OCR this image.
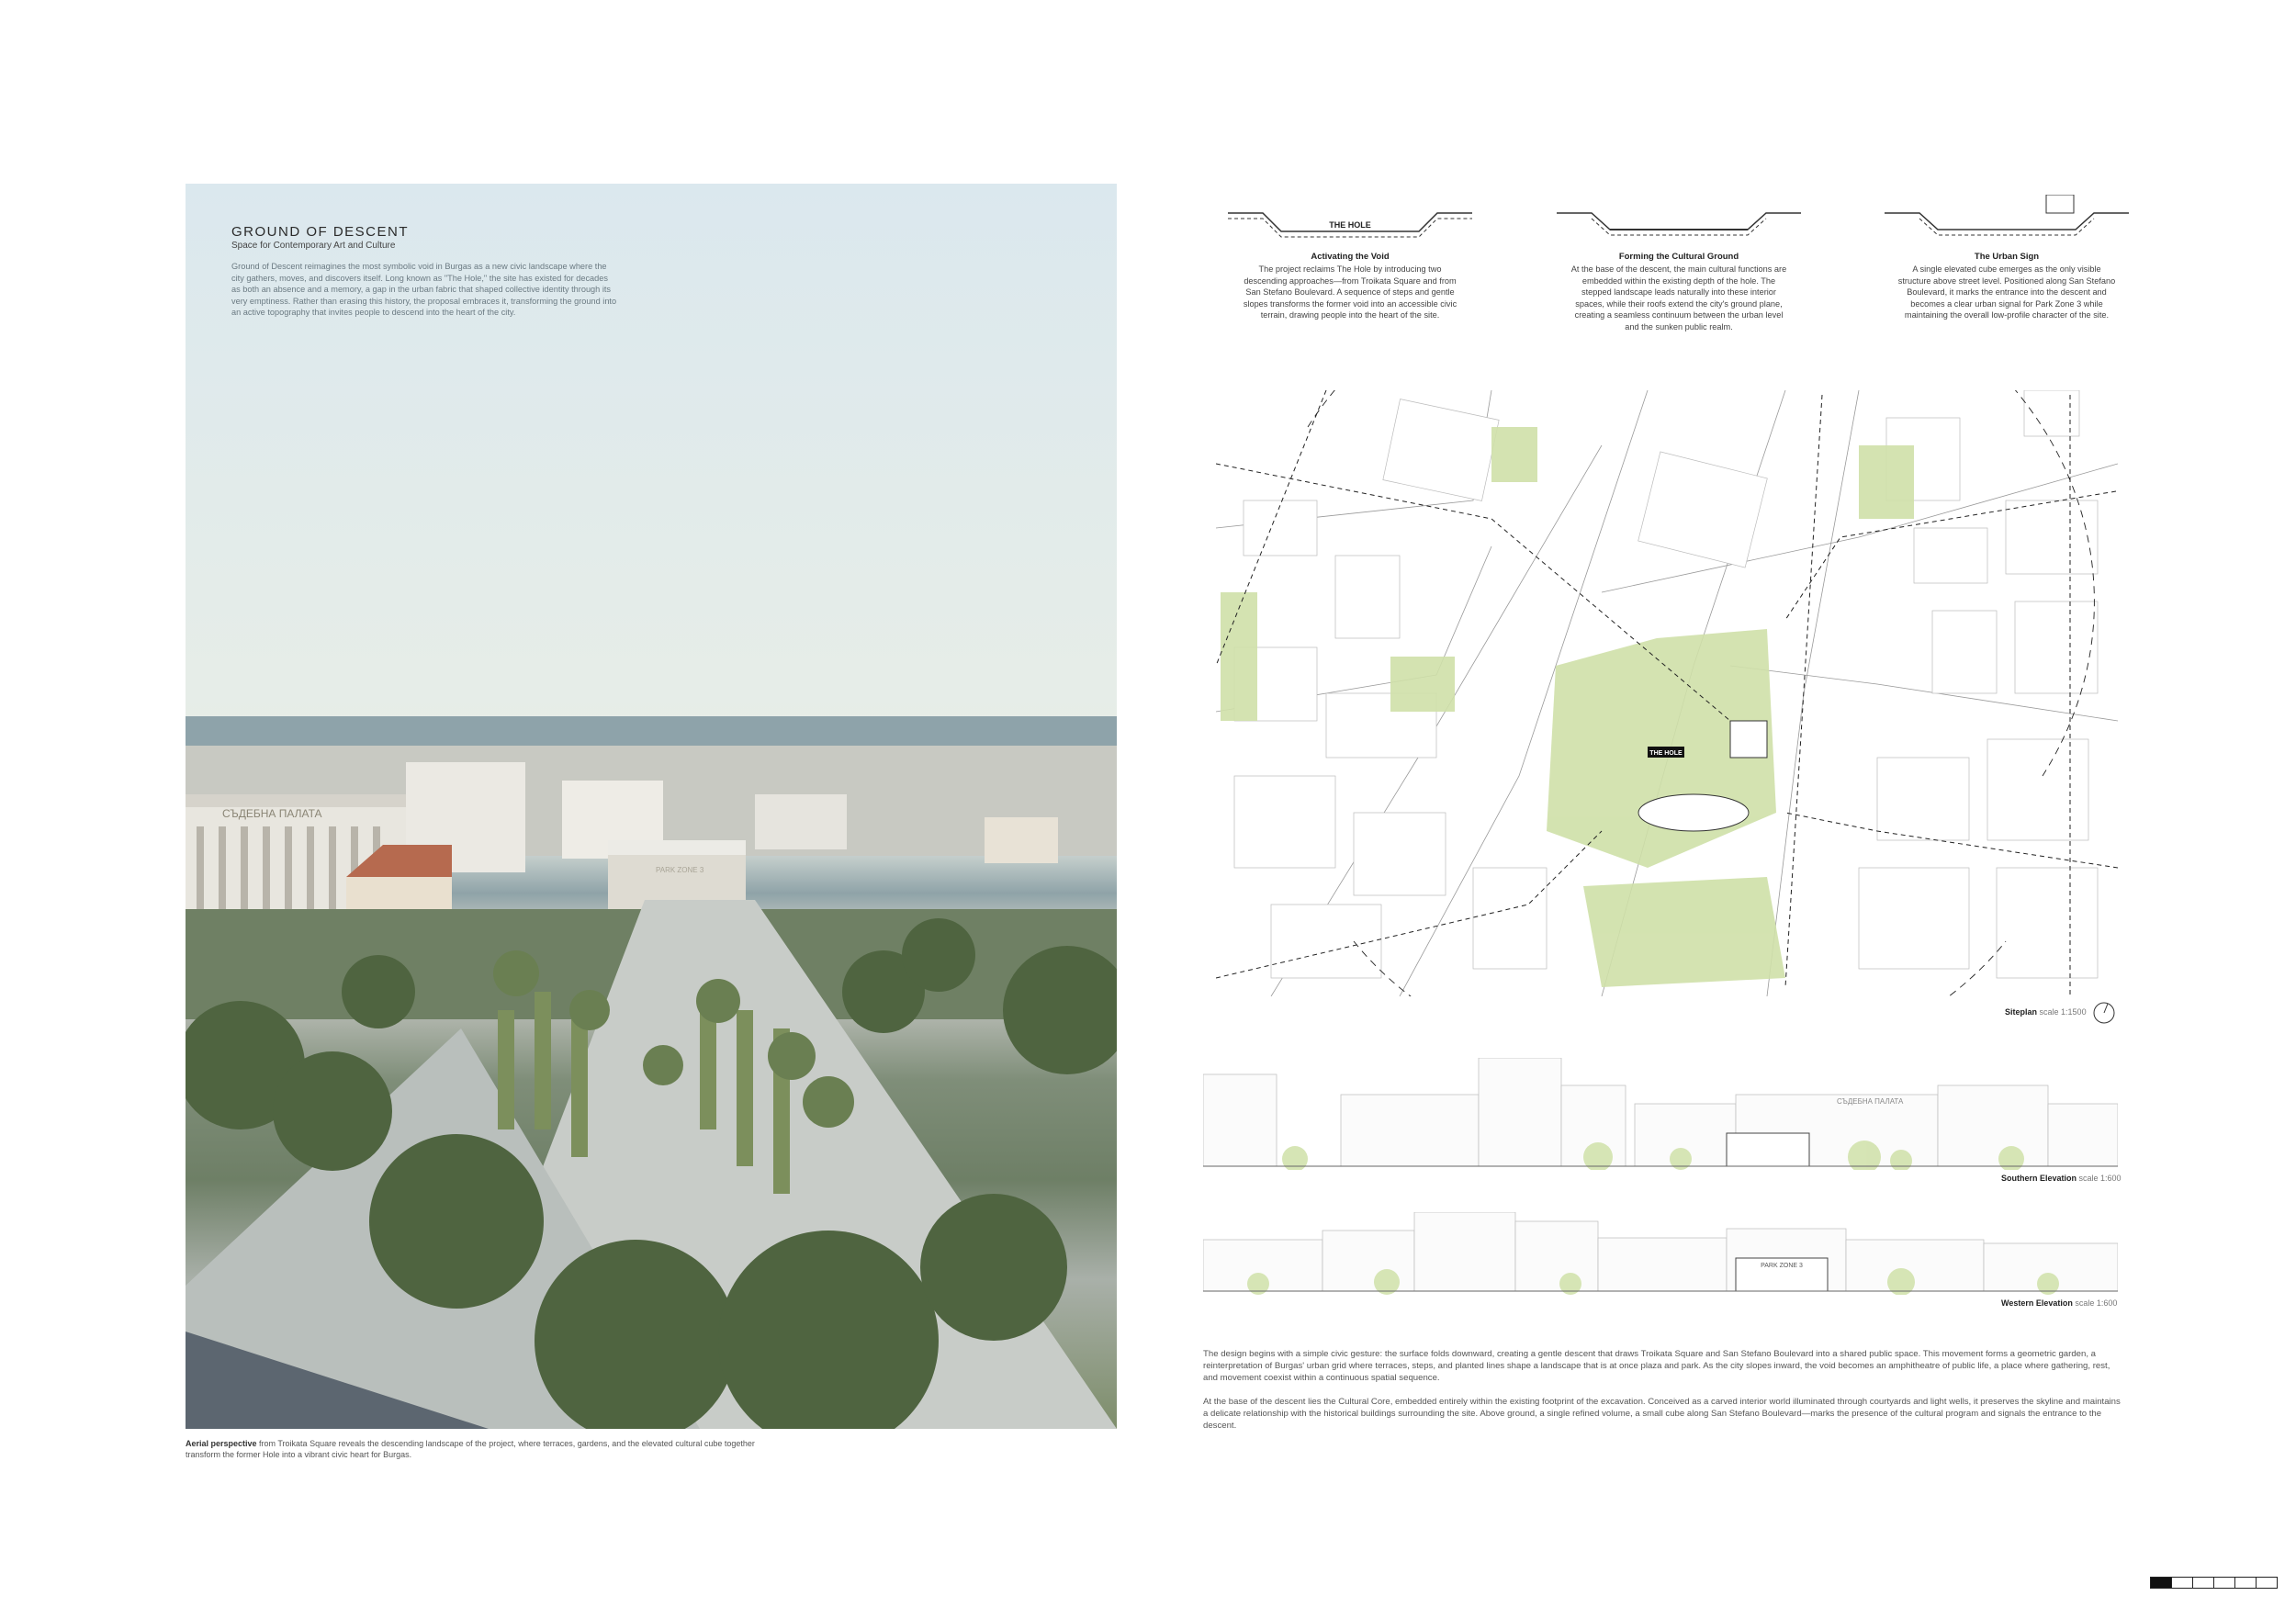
СЪДЕБНА ПАЛАТА
PARK ZONE 3
GROUND OF DESCENT
Space for Contemporary Art and Culture
Ground of Descent reimagines the most symbolic void in Burgas as a new civic landscape where the city gathers, moves, and discovers itself. Long known as "The Hole," the site has existed for decades as both an absence and a memory, a gap in the urban fabric that shaped collective identity through its very emptiness. Rather than erasing this history, the proposal embraces it, transforming the ground into an active topography that invites people to descend into the heart of the city.
Aerial perspective from Troikata Square reveals the descending landscape of the project, where terraces, gardens, and the elevated cultural cube together transform the former Hole into a vibrant civic heart for Burgas.
THE HOLE
Activating the Void
The project reclaims The Hole by introducing two descending approaches—from Troikata Square and from San Stefano Boulevard. A sequence of steps and gentle slopes transforms the former void into an accessible civic terrain, drawing people into the heart of the site.
Forming the Cultural Ground
At the base of the descent, the main cultural functions are embedded within the existing depth of the hole. The stepped landscape leads naturally into these interior spaces, while their roofs extend the city's ground plane, creating a seamless continuum between the urban level and the sunken public realm.
The Urban Sign
A single elevated cube emerges as the only visible structure above street level. Positioned along San Stefano Boulevard, it marks the entrance into the descent and becomes a clear urban signal for Park Zone 3 while maintaining the overall low-profile character of the site.
THE HOLE
Siteplan scale 1:1500
СЪДЕБНА ПАЛАТА
Southern Elevation scale 1:600
PARK ZONE 3
Western Elevation scale 1:600
The design begins with a simple civic gesture: the surface folds downward, creating a gentle descent that draws Troikata Square and San Stefano Boulevard into a shared public space. This movement forms a geometric garden, a reinterpretation of Burgas' urban grid where terraces, steps, and planted lines shape a landscape that is at once plaza and park. As the city slopes inward, the void becomes an amphitheatre of public life, a place where gathering, rest, and movement coexist within a continuous spatial sequence.
At the base of the descent lies the Cultural Core, embedded entirely within the existing footprint of the excavation. Conceived as a carved interior world illuminated through courtyards and light wells, it preserves the skyline and maintains a delicate relationship with the historical buildings surrounding the site. Above ground, a single refined volume, a small cube along San Stefano Boulevard—marks the presence of the cultural program and signals the entrance to the descent.
